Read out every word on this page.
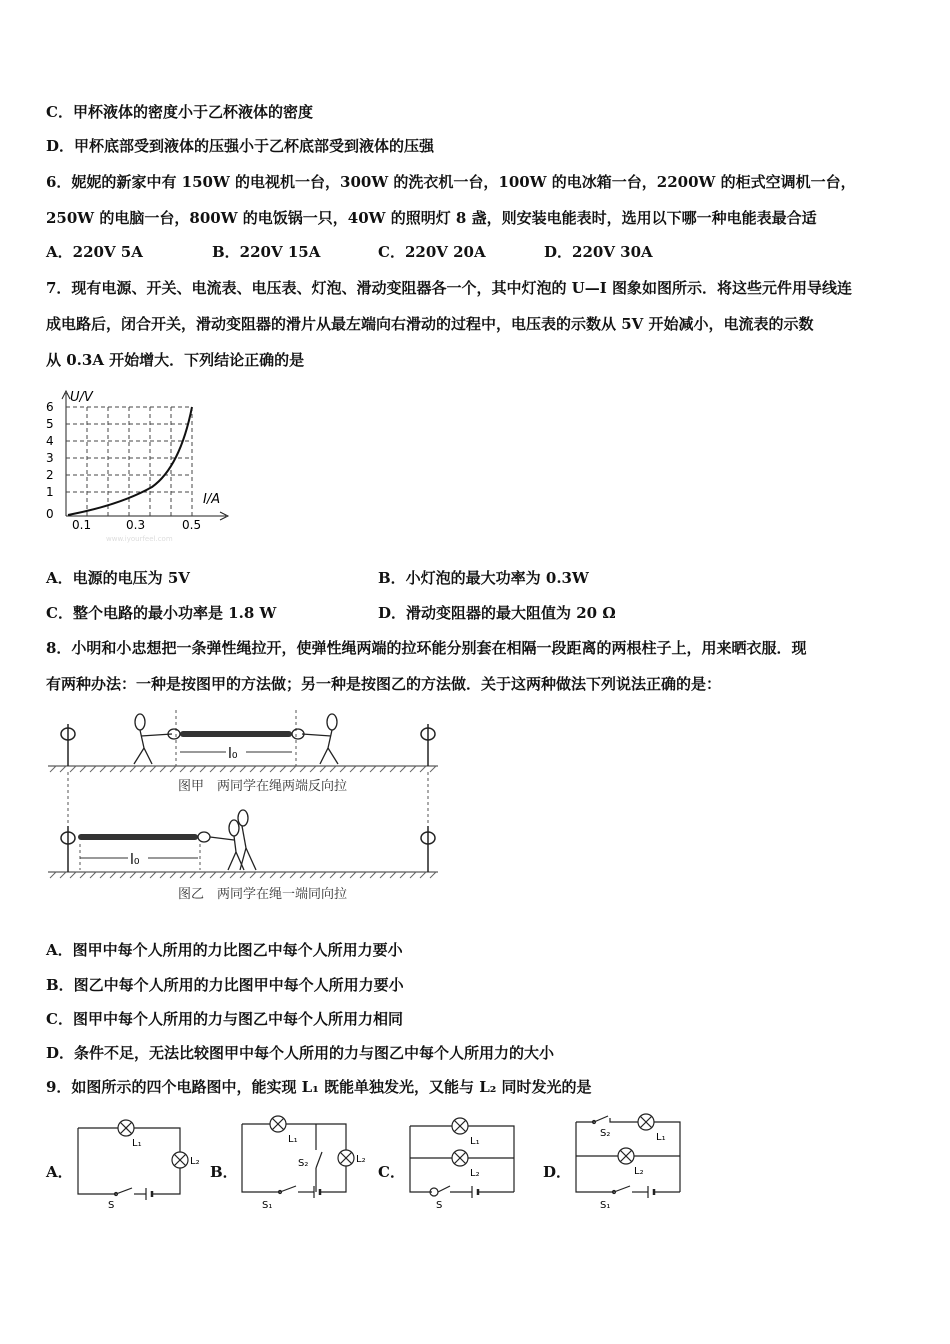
C．甲杯液体的密度小于乙杯液体的密度
D．甲杯底部受到液体的压强小于乙杯底部受到液体的压强
6．妮妮的新家中有 150W 的电视机一台，300W 的洗衣机一台，100W 的电冰箱一台，2200W 的柜式空调机一台，
250W 的电脑一台，800W 的电饭锅一只，40W 的照明灯 8 盏，则安装电能表时，选用以下哪一种电能表最合适
A．220V 5A	B．220V 15A	C．220V 20A	D．220V 30A
7．现有电源、开关、电流表、电压表、灯泡、滑动变阻器各一个，其中灯泡的 U—I 图象如图所示．将这些元件用导线连
成电路后，闭合开关，滑动变阻器的滑片从最左端向右滑动的过程中，电压表的示数从 5V 开始减小，电流表的示数
从 0.3A 开始增大．下列结论正确的是
U/V
I/A
6
5
4
3
2
1
0
0.1	0.3	0.5
www.iyourfeel.com
A．电源的电压为 5V	B．小灯泡的最大功率为 0.3W
C．整个电路的最小功率是 1.8 W	D．滑动变阻器的最大阻值为 20 Ω
8．小明和小忠想把一条弹性绳拉开，使弹性绳两端的拉环能分别套在相隔一段距离的两根柱子上，用来晒衣服．现
有两种办法：一种是按图甲的方法做；另一种是按图乙的方法做．关于这两种做法下列说法正确的是：
l₀
图甲　两同学在绳两端反向拉
l₀
图乙　两同学在绳一端同向拉
A．图甲中每个人所用的力比图乙中每个人所用力要小
B．图乙中每个人所用的力比图甲中每个人所用力要小
C．图甲中每个人所用的力与图乙中每个人所用力相同
D．条件不足，无法比较图甲中每个人所用的力与图乙中每个人所用力的大小
9．如图所示的四个电路图中，能实现 L₁ 既能单独发光，又能与 L₂ 同时发光的是
A．	B．	C．	D．
L₁
L₂
S
L₁
L₂
S₂
S₁
L₁
L₂
S
S₂	L₁
L₂
S₁
